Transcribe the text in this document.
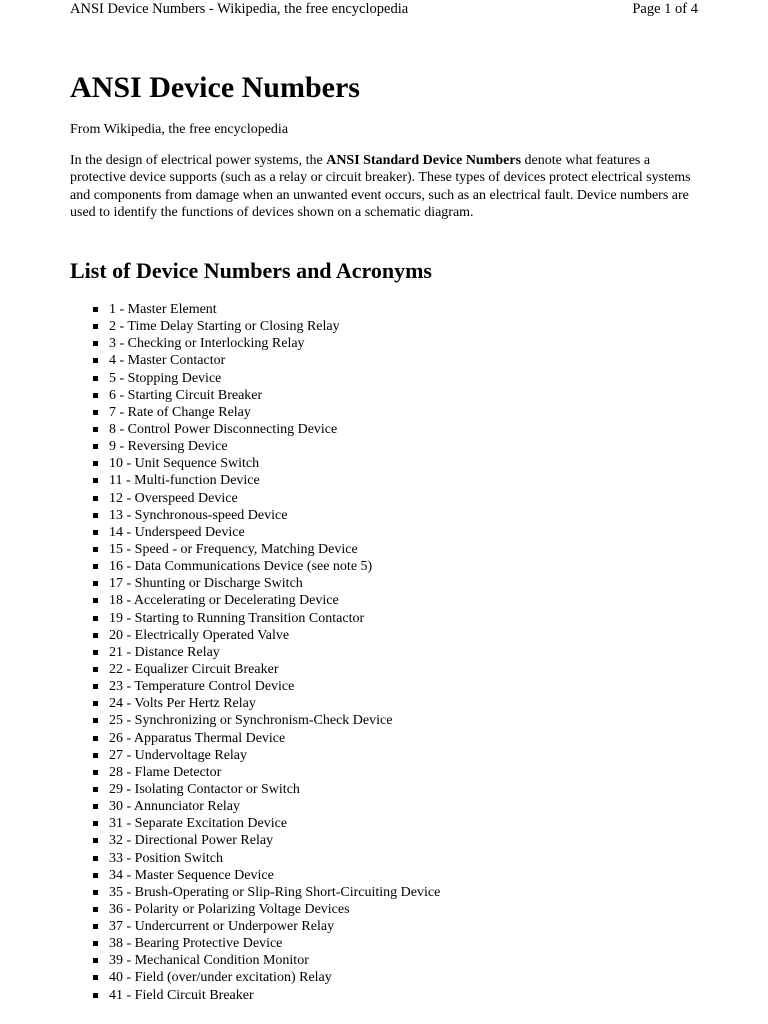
ANSI Device Numbers - Wikipedia, the free encyclopedia	Page 1 of 4
ANSI Device Numbers
From Wikipedia, the free encyclopedia

In the design of electrical power systems, the ANSI Standard Device Numbers denote what features a protective device supports (such as a relay or circuit breaker). These types of devices protect electrical systems and components from damage when an unwanted event occurs, such as an electrical fault. Device numbers are used to identify the functions of devices shown on a schematic diagram.

List of Device Numbers and Acronyms
1 - Master Element
2 - Time Delay Starting or Closing Relay
3 - Checking or Interlocking Relay
4 - Master Contactor
5 - Stopping Device
6 - Starting Circuit Breaker
7 - Rate of Change Relay
8 - Control Power Disconnecting Device
9 - Reversing Device
10 - Unit Sequence Switch
11 - Multi-function Device
12 - Overspeed Device
13 - Synchronous-speed Device
14 - Underspeed Device
15 - Speed - or Frequency, Matching Device
16 - Data Communications Device (see note 5)
17 - Shunting or Discharge Switch
18 - Accelerating or Decelerating Device
19 - Starting to Running Transition Contactor
20 - Electrically Operated Valve
21 - Distance Relay
22 - Equalizer Circuit Breaker
23 - Temperature Control Device
24 - Volts Per Hertz Relay
25 - Synchronizing or Synchronism-Check Device
26 - Apparatus Thermal Device
27 - Undervoltage Relay
28 - Flame Detector
29 - Isolating Contactor or Switch
30 - Annunciator Relay
31 - Separate Excitation Device
32 - Directional Power Relay
33 - Position Switch
34 - Master Sequence Device
35 - Brush-Operating or Slip-Ring Short-Circuiting Device
36 - Polarity or Polarizing Voltage Devices
37 - Undercurrent or Underpower Relay
38 - Bearing Protective Device
39 - Mechanical Condition Monitor
40 - Field (over/under excitation) Relay
41 - Field Circuit Breaker
